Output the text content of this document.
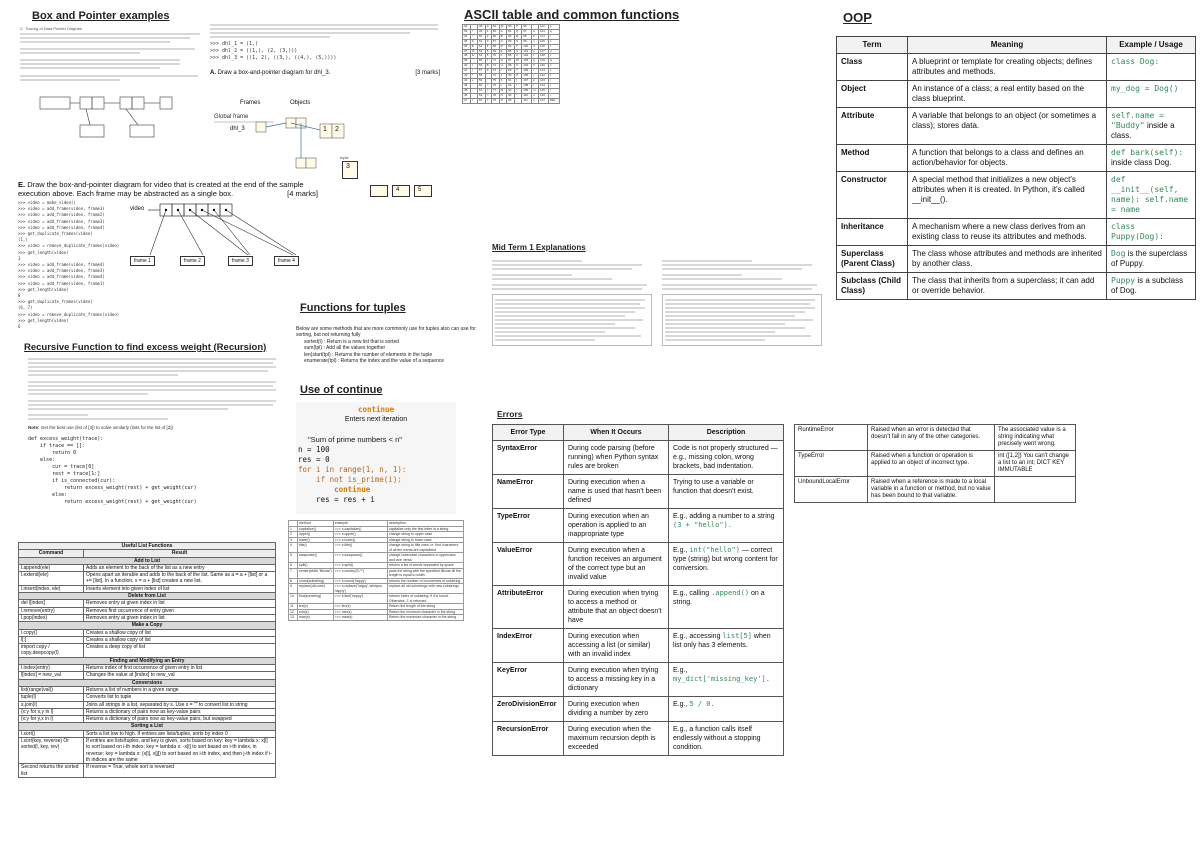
Box and Pointer examples
C. Tracing of Data Pointer Diagram
>>> dhl_1 = (1,)
>>> dhl_2 = ((1,), (2, (3,)))
>>> dhl_3 = ((1, 2), ((3,), ((4,), (5,))))
A. Draw a box-and-pointer diagram for dhl_3.	[3 marks]
Frames	Objects
Global frame
dhl_3	1 2
tuple
3
4	5
E. Draw the box-and-pointer diagram for video that is created at the end of the sample execution above. Each frame may be abstracted as a single box.	[4 marks]
>>> video = make_video()
>>> video = add_frame(video, frame1)
>>> video = add_frame(video, frame2)
>>> video = add_frame(video, frame3)
>>> video = add_frame(video, frame4)
>>> get_duplicate_frames(video)
(1,)
>>> video = remove_duplicate_frames(video)
>>> get_length(video)
3
>>> video = add_frame(video, frame4)
>>> video = add_frame(video, frame3)
>>> video = add_frame(video, frame4)
>>> video = add_frame(video, frame1)
>>> get_length(video)
8
>>> get_duplicate_frames(video)
(6, 7)
>>> video = remove_duplicate_frames(video)
>>> get_length(video)
6
video
frame 1	frame 2	frame 3	frame 4
Recursive Function to find excess weight (Recursion)
Note: Get the best use (list of [3]) to solve similarly (lists for the list of [3])
def excess_weight(trace):
if trace == []:
return 0
else:
cur = trace[0]
rest = trace[1:]
if is_connected(cur):
return excess_weight(rest) + get_weight(cur)
else:
return excess_weight(rest) + get_weight(cur)
Useful List Functions	
Command	Result
Add to List	
l.append(ele)	Adds an element to the back of the list as a new entry
l.extend(ele)	Opens apart an iterable and adds to the back of the list. Same as a = a + [list] or a += [list]. In a function, x = a + [list] creates a new list.
l.insert(index, ele)	Inserts element into given index of list
Delete from List	
del l[index]	Removes entry at given index in list
l.remove(entry)	Removes first occurrence of entry given
l.pop(index)	Removes entry at given index in list
Make a Copy	
l.copy()	Creates a shallow copy of list
l[:]	Creates a shallow copy of list
import copy / copy.deepcopy(l)	Creates a deep copy of list
Finding and Modifying an Entry	
l.index(entry)	Returns index of first occurrence of given entry in list
l[index] = new_val	Changes the value at [index] to new_val
Conversions	
list(range(val))	Returns a list of numbers in a given range
tuple(l)	Converts list to tuple
s.join(l)	Joins all strings in a list, separated by s. Use s = "" to convert list to string
{x:y for x,y in l}	Returns a dictionary of pairs now as key-value pairs
{x:y for y,x in l}	Returns a dictionary of pairs now as key-value pairs, but swapped
Sorting a List	
l.sort()	Sorts a list low to high. If entries are lists/tuples, sorts by index 0
l.sort(key, reverse) Or sorted(l, key, rev)	If entries are lists/tuples, and key is given, sorts based on key: key = lambda x: x[i] to sort based on i-th index; key = lambda x: -x[i] to sort based on i-th index, in reverse; key = lambda x: (x[i], x[j]) to sort based on i-th index, and then j-th index if i-th indices are the same
Second returns the sorted list	If reverse = True, whole sort is reversed
Functions for tuples
Below are some methods that are more commonly use for tuples also can use for sorting, but not returning fully
sorted(t) : Return is a new list that is sorted
sum(tpl) : Add all the values together
len(start(tpl) : Returns the number of elements in the tuple
enumerate(tpl) : Returns the index and the value of a sequence
Use of continue
continue
Enters next iteration
"Sum of prime numbers < n"
n = 100
res = 0
for i in range(1, n, 1):
if not is_prime(i):
continue
res = res + i
	method	example	description
1	capitalize()	>>> s.capitalize()	capitalise only the first letter in a string
2	upper()	>>> s.upper()	change string to upper case
3	lower()	>>> s.lower()	change string to lower case
4	title()	>>> s.title()	change string to title case i.e. first characters of all the words are capitalized
5	swapcase()	>>> s.swapcase()	change lowercase characters to uppercase and vice versa
6	split()	>>> s.split()	returns a list of words separated by space
7	center(width,'fillchar')	>>> s.center(20,'*')	pads the string with the specified fillchar till the length is equal to width
8	count(substring)	>>> s.count('happy')	returns the number of occurences of substring
9	replace(old,new)	>>> s.replace('happy','wishyou happy')	replace all old substrings with new substrings
10	find(substring)	>>> s.find('happy')	returns index of substring, if it is found. Otherwise -1 is returned
11	len(s)	>>> len(s)	Return the length of the string
12	min(s)	>>> min(s)	Return the minimum character in the string
13	max(s)	>>> max(s)	Return the maximum character in the string
ASCII table and common functions
32		48	0	64	@	80	P	96	`	112	p
33	!	49	1	65	A	81	Q	97	a	113	q
34	"	50	2	66	B	82	R	98	b	114	r
35	#	51	3	67	C	83	S	99	c	115	s
36	$	52	4	68	D	84	T	100	d	116	t
37	%	53	5	69	E	85	U	101	e	117	u
38	&	54	6	70	F	86	V	102	f	118	v
39	'	55	7	71	G	87	W	103	g	119	w
40	(	56	8	72	H	88	X	104	h	120	x
41	)	57	9	73	I	89	Y	105	i	121	y
42	*	58	:	74	J	90	Z	106	j	122	z
43	+	59	;	75	K	91	[	107	k	123	{
44	,	60	<	76	L	92	\	108	l	124	|
45	-	61	=	77	M	93	]	109	m	125	}
46	.	62	>	78	N	94	^	110	n	126	~
47	/	63	?	79	O	95	_	111	o	127	DEL
Mid Term 1 Explanations
Errors
Error Type	When It Occurs	Description
SyntaxError	During code parsing (before running) when Python syntax rules are broken	Code is not properly structured — e.g., missing colon, wrong brackets, bad indentation.
NameError	During execution when a name is used that hasn't been defined	Trying to use a variable or function that doesn't exist.
TypeError	During execution when an operation is applied to an inappropriate type	E.g., adding a number to a string (3 + "hello").
ValueError	During execution when a function receives an argument of the correct type but an invalid value	E.g., int("hello") — correct type (string) but wrong content for conversion.
AttributeError	During execution when trying to access a method or attribute that an object doesn't have	E.g., calling .append() on a string.
IndexError	During execution when accessing a list (or similar) with an invalid index	E.g., accessing list[5] when list only has 3 elements.
KeyError	During execution when trying to access a missing key in a dictionary	E.g., my_dict['missing_key'].
ZeroDivisionError	During execution when dividing a number by zero	E.g., 5 / 0.
RecursionError	During execution when the maximum recursion depth is exceeded	E.g., a function calls itself endlessly without a stopping condition.
RuntimeError	Raised when an error is detected that doesn't fall in any of the other categories.	The associated value is a string indicating what precisely went wrong.
TypeError	Raised when a function or operation is applied to an object of incorrect type.	int ([1,2]) You can't change a list to an int; DICT KEY IMMUTABLE
UnboundLocalError	Raised when a reference is made to a local variable in a function or method, but no value has been bound to that variable.	
OOP
Term	Meaning	Example / Usage
Class	A blueprint or template for creating objects; defines attributes and methods.	class Dog:
Object	An instance of a class; a real entity based on the class blueprint.	my_dog = Dog()
Attribute	A variable that belongs to an object (or sometimes a class); stores data.	self.name = "Buddy" inside a class.
Method	A function that belongs to a class and defines an action/behavior for objects.	def bark(self): inside class Dog.
Constructor	A special method that initializes a new object's attributes when it is created. In Python, it's called __init__().	def __init__(self, name): self.name = name
Inheritance	A mechanism where a new class derives from an existing class to reuse its attributes and methods.	class Puppy(Dog):
Superclass (Parent Class)	The class whose attributes and methods are inherited by another class.	Dog is the superclass of Puppy.
Subclass (Child Class)	The class that inherits from a superclass; it can add or override behavior.	Puppy is a subclass of Dog.
